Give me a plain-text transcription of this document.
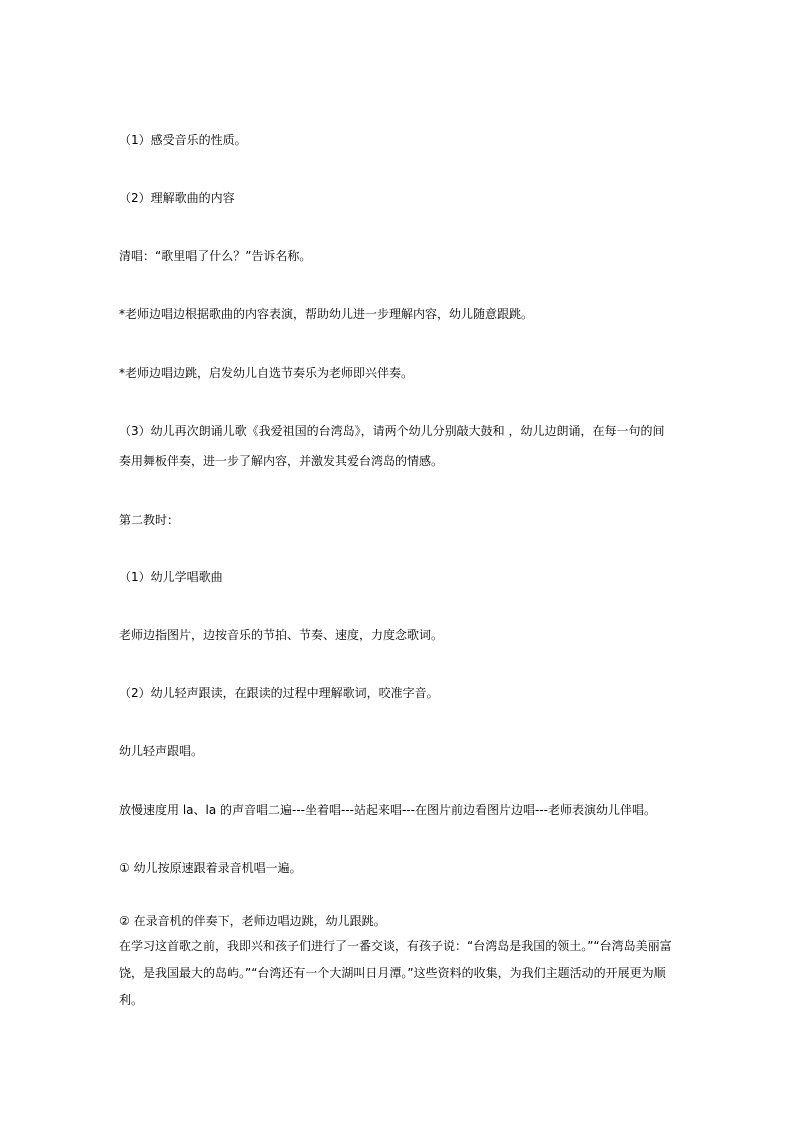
（1）感受音乐的性质。

（2）理解歌曲的内容

清唱：“歌里唱了什么？”告诉名称。

*老师边唱边根据歌曲的内容表演，帮助幼儿进一步理解内容，幼儿随意跟跳。

*老师边唱边跳，启发幼儿自选节奏乐为老师即兴伴奏。

（3）幼儿再次朗诵儿歌《我爱祖国的台湾岛》，请两个幼儿分别敲大鼓和 ，幼儿边朗诵，在每一句的间
奏用舞板伴奏，进一步了解内容，并激发其爱台湾岛的情感。

第二教时：

（1）幼儿学唱歌曲

老师边指图片，边按音乐的节拍、节奏、速度，力度念歌词。

（2）幼儿轻声跟读，在跟读的过程中理解歌词，咬准字音。

幼儿轻声跟唱。

放慢速度用 la、la 的声音唱二遍---坐着唱---站起来唱---在图片前边看图片边唱---老师表演幼儿伴唱。

① 幼儿按原速跟着录音机唱一遍。

② 在录音机的伴奏下，老师边唱边跳，幼儿跟跳。

在学习这首歌之前，我即兴和孩子们进行了一番交谈，有孩子说：“台湾岛是我国的领土。”“台湾岛美丽富
饶，是我国最大的岛屿。”“台湾还有一个大湖叫日月潭。”这些资料的收集，为我们主题活动的开展更为顺
利。
